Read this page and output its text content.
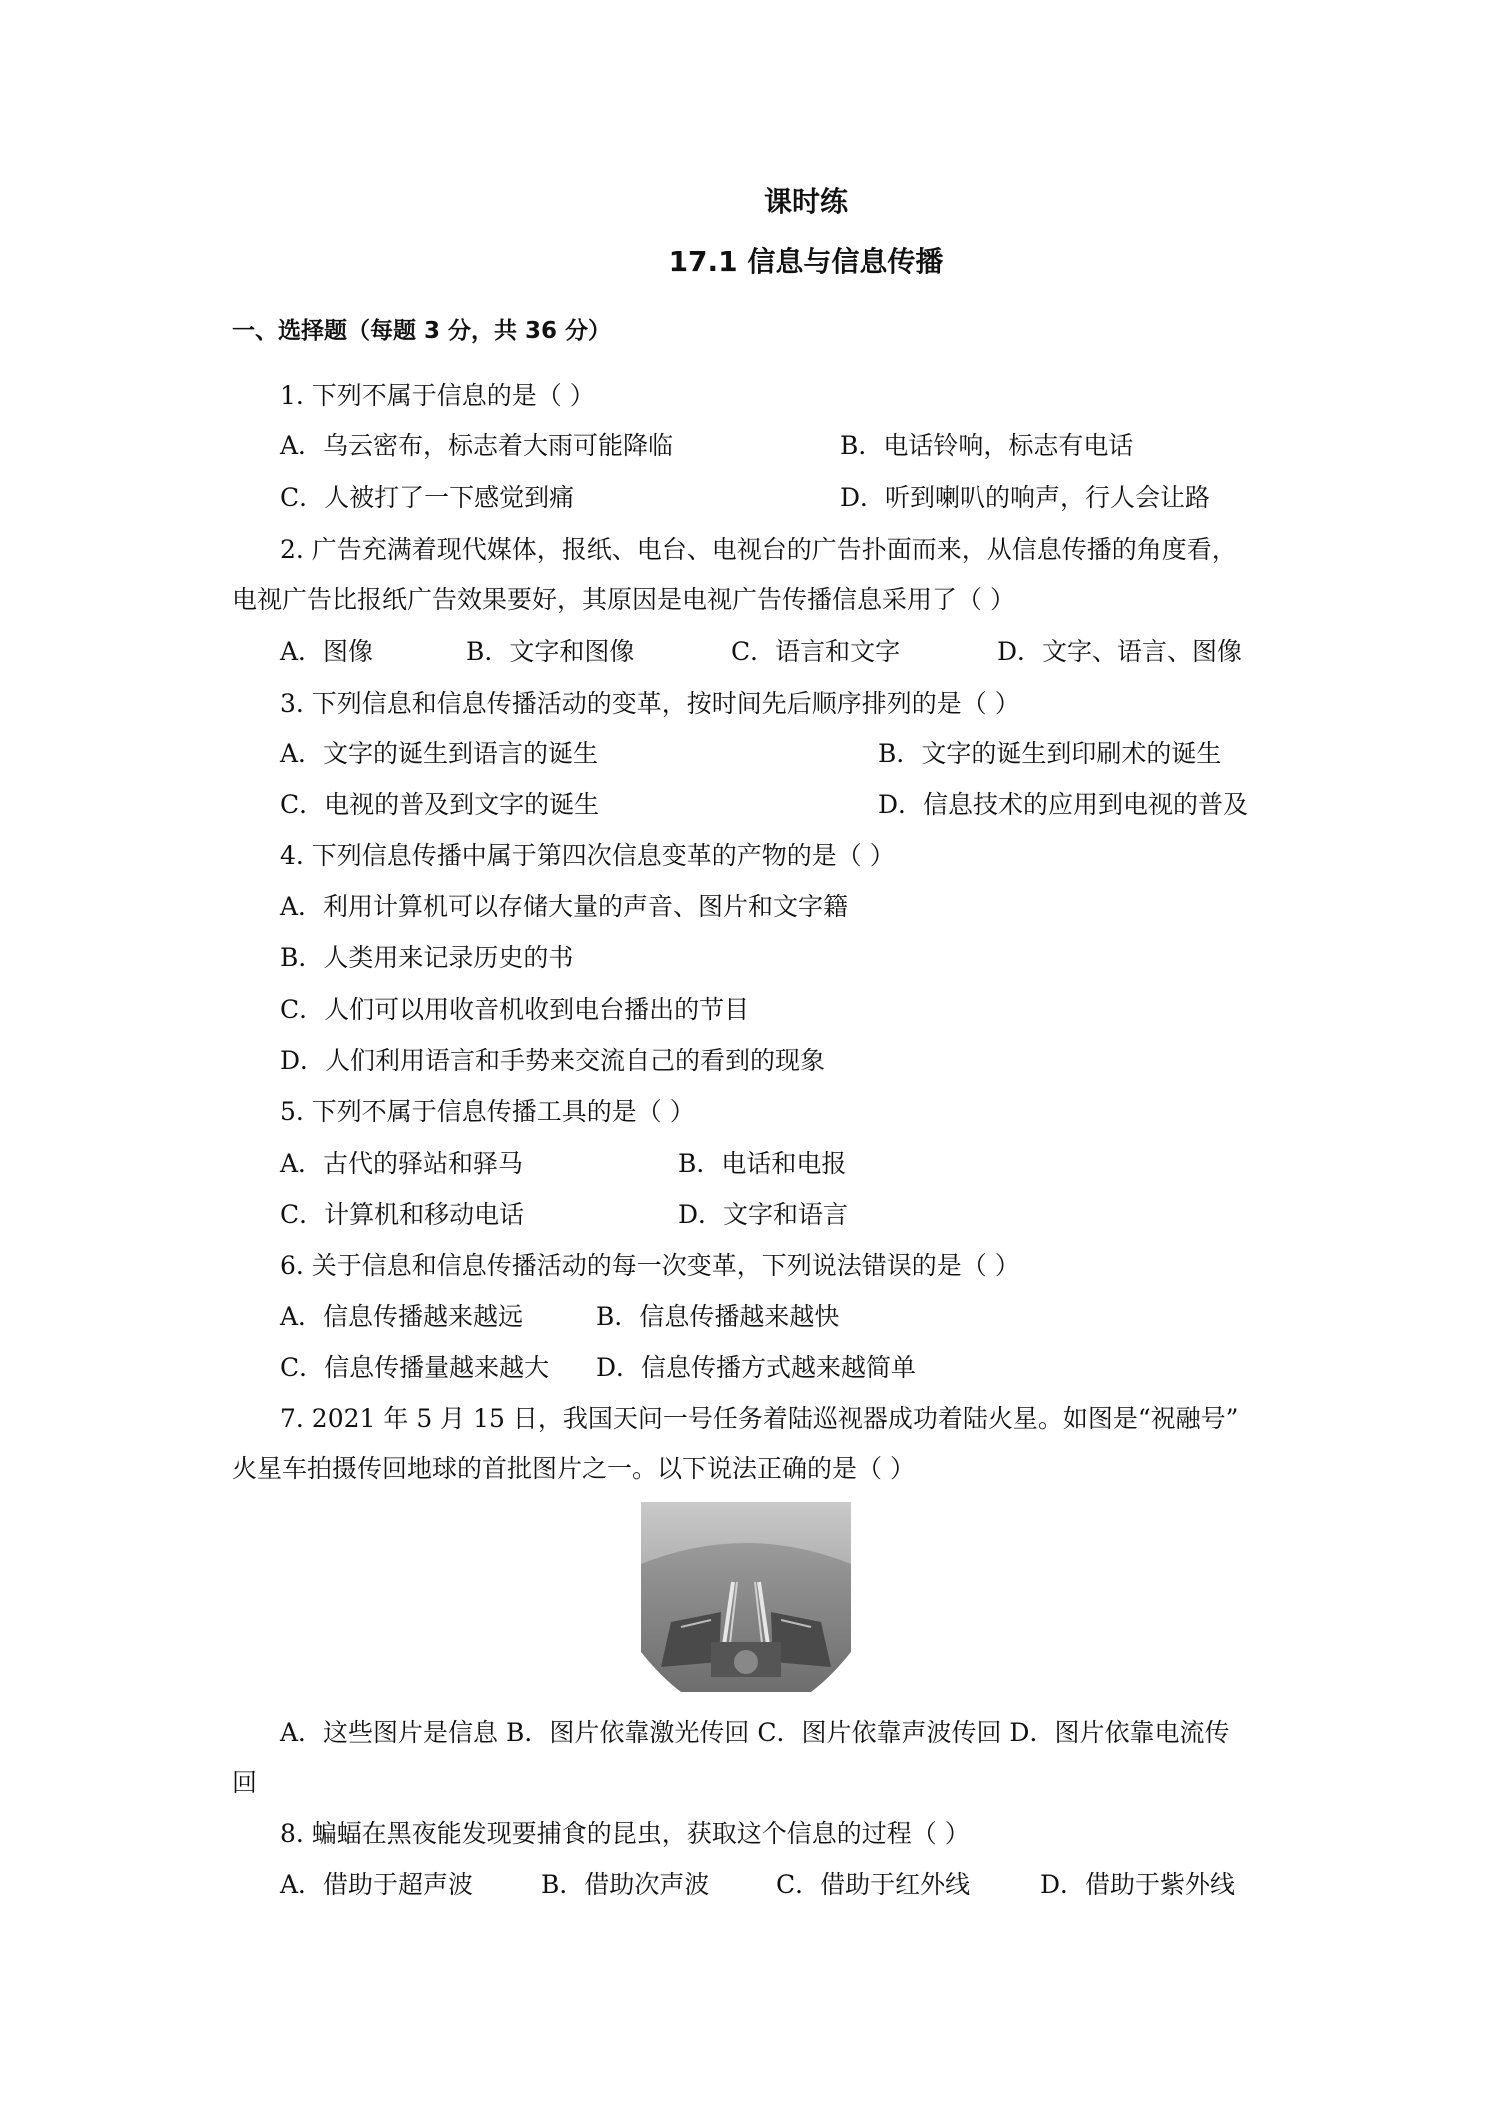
课时练
17.1 信息与信息传播
一、选择题（每题 3 分，共 36 分）
1. 下列不属于信息的是（ ）
A．乌云密布，标志着大雨可能降临	B．电话铃响，标志有电话
C．人被打了一下感觉到痛	D．听到喇叭的响声，行人会让路
2. 广告充满着现代媒体，报纸、电台、电视台的广告扑面而来，从信息传播的角度看，
电视广告比报纸广告效果要好，其原因是电视广告传播信息采用了（ ）
A．图像	B．文字和图像	C．语言和文字	D．文字、语言、图像
3. 下列信息和信息传播活动的变革，按时间先后顺序排列的是（ ）
A．文字的诞生到语言的诞生	B．文字的诞生到印刷术的诞生
C．电视的普及到文字的诞生	D．信息技术的应用到电视的普及
4. 下列信息传播中属于第四次信息变革的产物的是（ ）
A．利用计算机可以存储大量的声音、图片和文字籍
B．人类用来记录历史的书
C．人们可以用收音机收到电台播出的节目
D．人们利用语言和手势来交流自己的看到的现象
5. 下列不属于信息传播工具的是（ ）
A．古代的驿站和驿马	B．电话和电报
C．计算机和移动电话	D．文字和语言
6. 关于信息和信息传播活动的每一次变革，下列说法错误的是（ ）
A．信息传播越来越远	B．信息传播越来越快
C．信息传播量越来越大 D．信息传播方式越来越简单
7. 2021 年 5 月 15 日，我国天问一号任务着陆巡视器成功着陆火星。如图是“祝融号”
火星车拍摄传回地球的首批图片之一。以下说法正确的是（ ）
A．这些图片是信息 B．图片依靠激光传回 C．图片依靠声波传回 D．图片依靠电流传
回
8. 蝙蝠在黑夜能发现要捕食的昆虫，获取这个信息的过程（ ）
A．借助于超声波	B．借助次声波	C．借助于红外线	D．借助于紫外线
